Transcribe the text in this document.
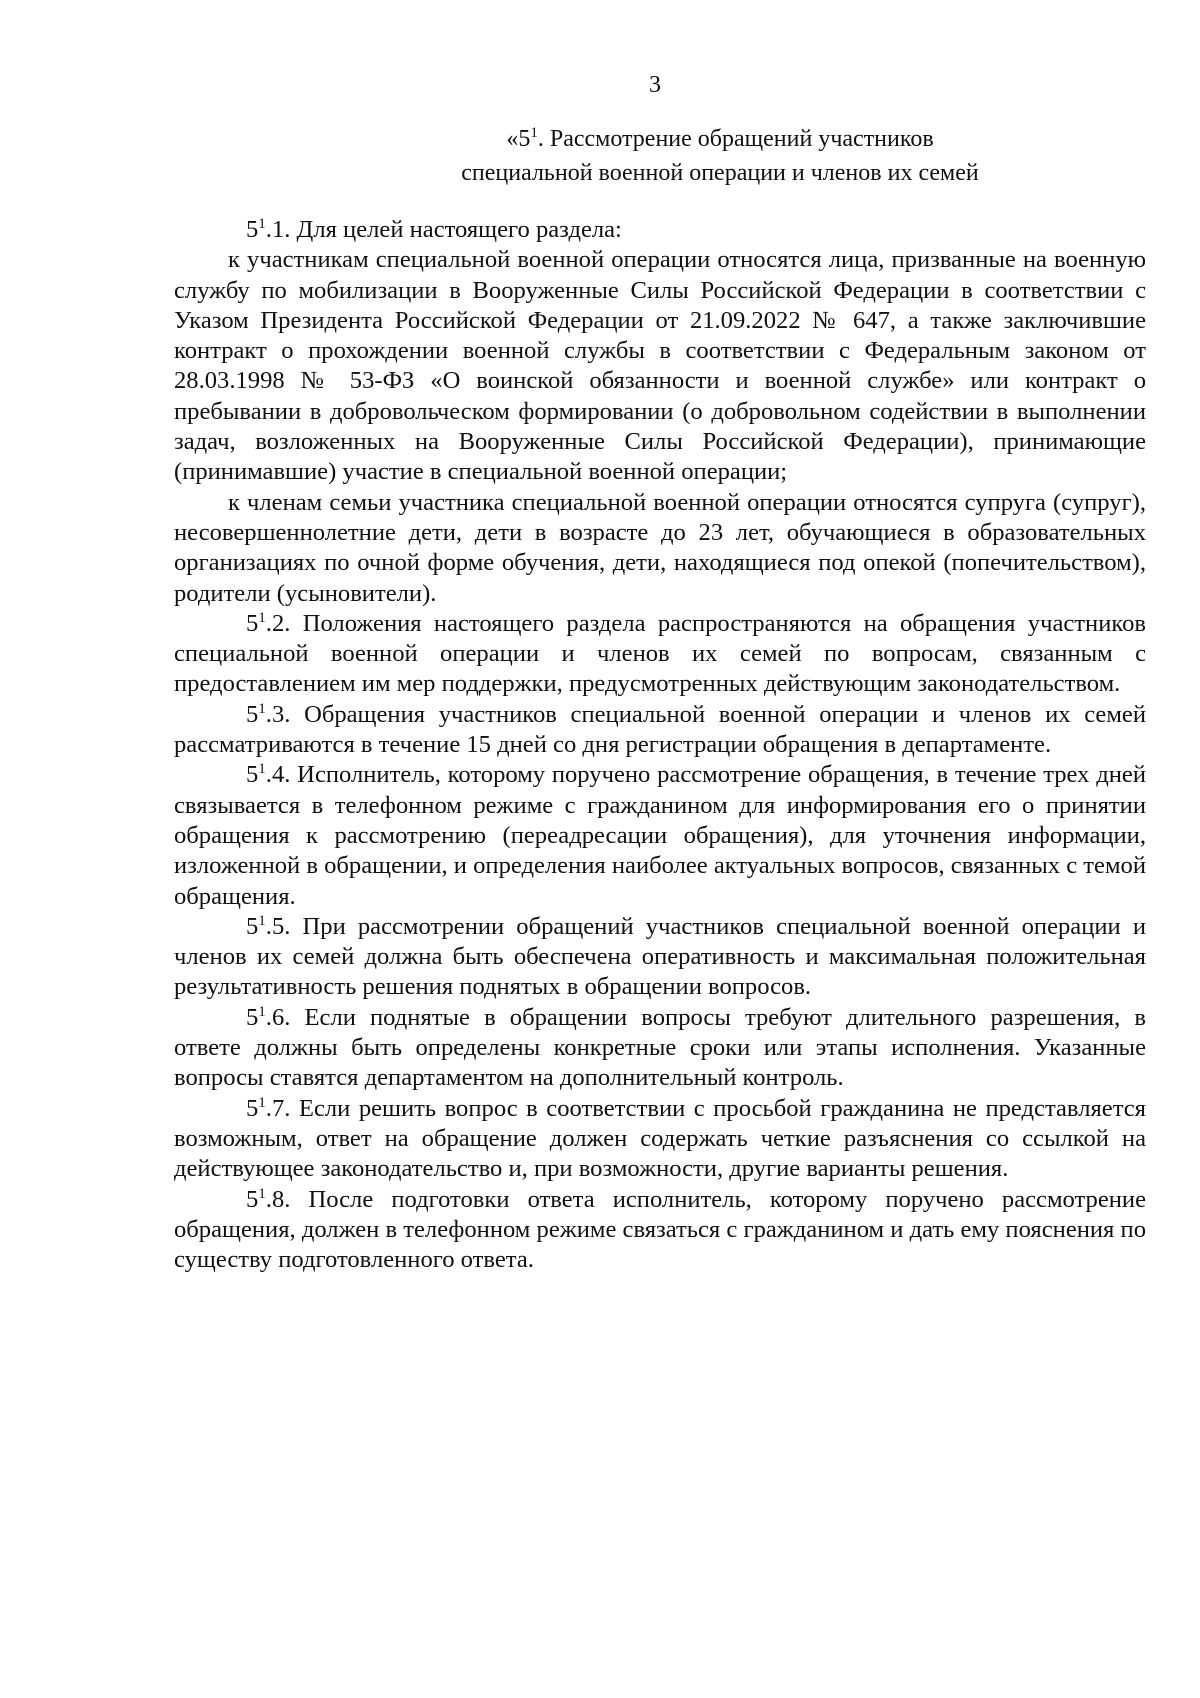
3
«$5^1$. Рассмотрение обращений участников
специальной военной операции и членов их семей

$5^1.1$. Для целей настоящего раздела:

к участникам специальной военной операции относятся лица, призванные на военную службу по мобилизации в Вооруженные Силы Российской Федерации в соответствии с Указом Президента Российской Федерации от 21.09.2022 № 647, а также заключившие контракт о прохождении военной службы в соответствии с Федеральным законом от 28.03.1998 № 53-ФЗ «О воинской обязанности и военной службе» или контракт о пребывании в добровольческом формировании (о добровольном содействии в выполнении задач, возложенных на Вооруженные Силы Российской Федерации), принимающие (принимавшие) участие в специальной военной операции;

к членам семьи участника специальной военной операции относятся супруга (супруг), несовершеннолетние дети, дети в возрасте до 23 лет, обучающиеся в образовательных организациях по очной форме обучения, дети, находящиеся под опекой (попечительством), родители (усыновители).

$5^1.2$. Положения настоящего раздела распространяются на обращения участников специальной военной операции и членов их семей по вопросам, связанным с предоставлением им мер поддержки, предусмотренных действующим законодательством.

$5^1.3$. Обращения участников специальной военной операции и членов их семей рассматриваются в течение 15 дней со дня регистрации обращения в департаменте.

$5^1.4$. Исполнитель, которому поручено рассмотрение обращения, в течение трех дней связывается в телефонном режиме с гражданином для информирования его о принятии обращения к рассмотрению (переадресации обращения), для уточнения информации, изложенной в обращении, и определения наиболее актуальных вопросов, связанных с темой обращения.

$5^1.5$. При рассмотрении обращений участников специальной военной операции и членов их семей должна быть обеспечена оперативность и максимальная положительная результативность решения поднятых в обращении вопросов.

$5^1.6$. Если поднятые в обращении вопросы требуют длительного разрешения, в ответе должны быть определены конкретные сроки или этапы исполнения. Указанные вопросы ставятся департаментом на дополнительный контроль.

$5^1.7$. Если решить вопрос в соответствии с просьбой гражданина не представляется возможным, ответ на обращение должен содержать четкие разъяснения со ссылкой на действующее законодательство и, при возможности, другие варианты решения.

$5^1.8$. После подготовки ответа исполнитель, которому поручено рассмотрение обращения, должен в телефонном режиме связаться с гражданином и дать ему пояснения по существу подготовленного ответа.
